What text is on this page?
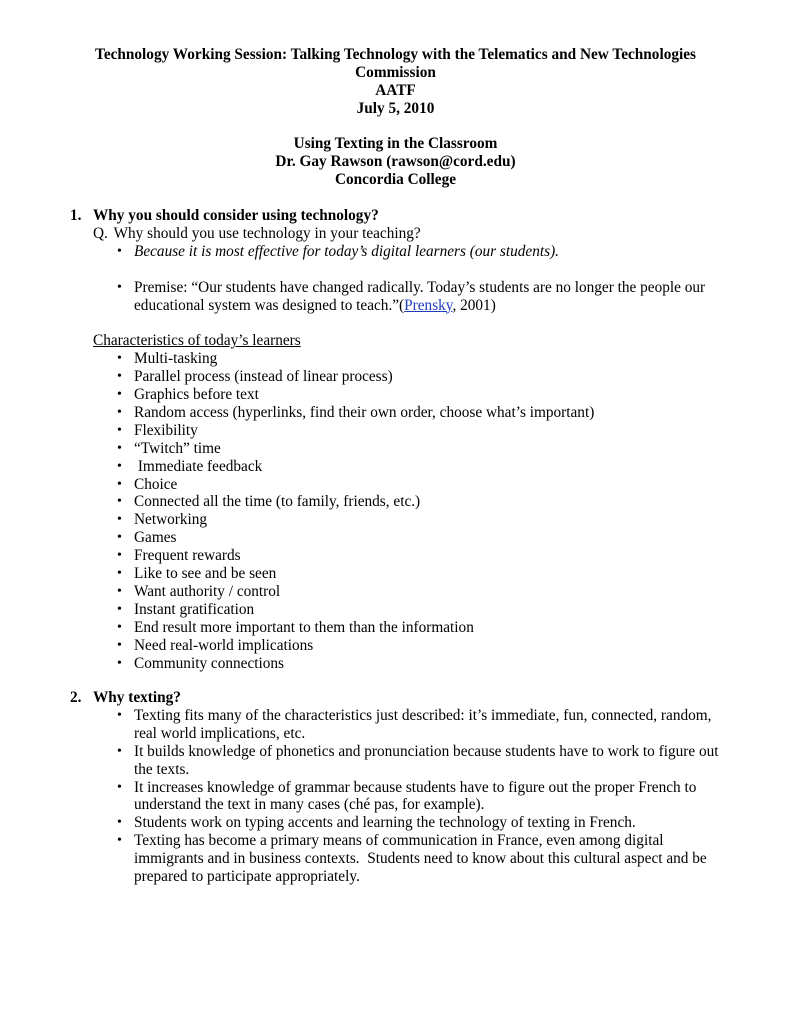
Technology Working Session: Talking Technology with the Telematics and New Technologies
Commission
AATF
July 5, 2010
Using Texting in the Classroom
Dr. Gay Rawson (rawson@cord.edu)
Concordia College
1. Why you should consider using technology?
Q. Why should you use technology in your teaching?
• Because it is most effective for today’s digital learners (our students).
• Premise: “Our students have changed radically. Today’s students are no longer the people our educational system was designed to teach.”(Prensky, 2001)
Characteristics of today’s learners
• Multi-tasking
• Parallel process (instead of linear process)
• Graphics before text
• Random access (hyperlinks, find their own order, choose what’s important)
• Flexibility
• “Twitch” time
• Immediate feedback
• Choice
• Connected all the time (to family, friends, etc.)
• Networking
• Games
• Frequent rewards
• Like to see and be seen
• Want authority / control
• Instant gratification
• End result more important to them than the information
• Need real-world implications
• Community connections
2. Why texting?
• Texting fits many of the characteristics just described: it’s immediate, fun, connected, random, real world implications, etc.
• It builds knowledge of phonetics and pronunciation because students have to work to figure out the texts.
• It increases knowledge of grammar because students have to figure out the proper French to understand the text in many cases (ché pas, for example).
• Students work on typing accents and learning the technology of texting in French.
• Texting has become a primary means of communication in France, even among digital immigrants and in business contexts.  Students need to know about this cultural aspect and be prepared to participate appropriately.
